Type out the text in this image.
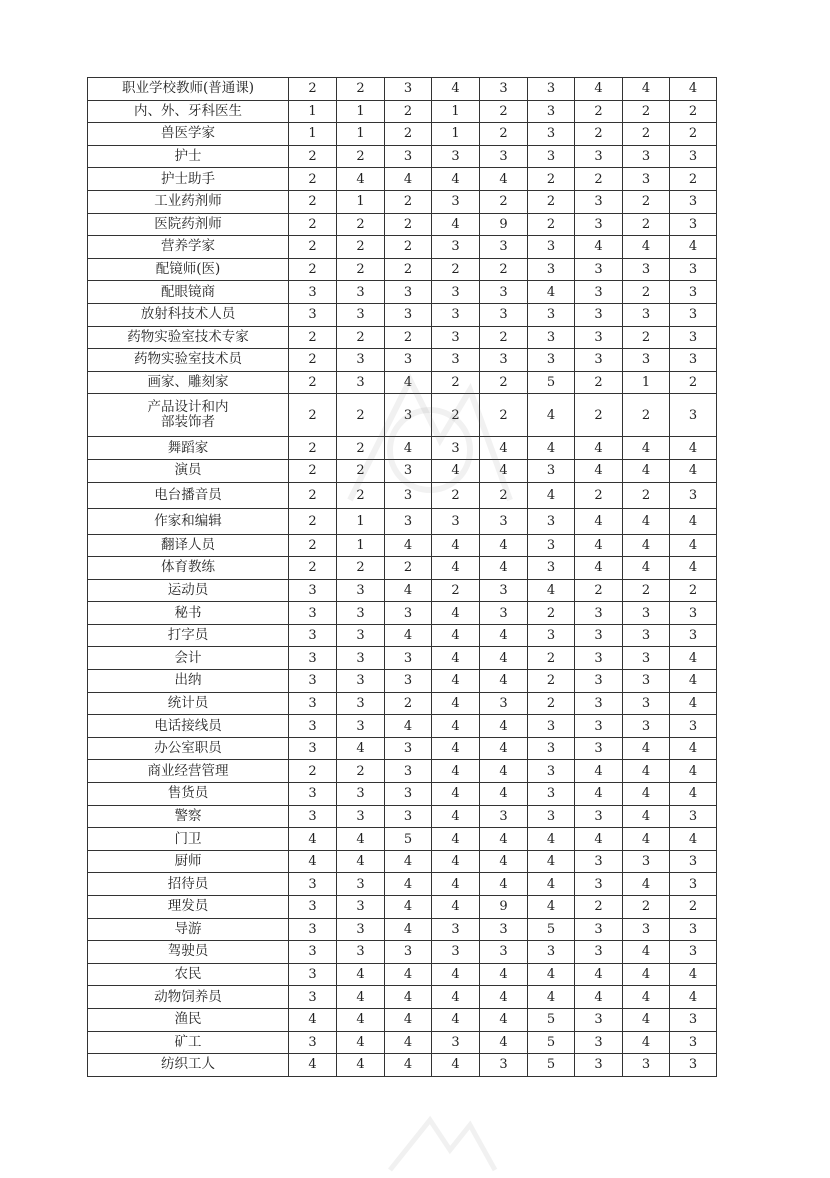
职业学校教师(普通课)	2	2	3	4	3	3	4	4	4
内、外、牙科医生	1	1	2	1	2	3	2	2	2
兽医学家	1	1	2	1	2	3	2	2	2
护士	2	2	3	3	3	3	3	3	3
护士助手	2	4	4	4	4	2	2	3	2
工业药剂师	2	1	2	3	2	2	3	2	3
医院药剂师	2	2	2	4	9	2	3	2	3
营养学家	2	2	2	3	3	3	4	4	4
配镜师(医)	2	2	2	2	2	3	3	3	3
配眼镜商	3	3	3	3	3	4	3	2	3
放射科技术人员	3	3	3	3	3	3	3	3	3
药物实验室技术专家	2	2	2	3	2	3	3	2	3
药物实验室技术员	2	3	3	3	3	3	3	3	3
画家、雕刻家	2	3	4	2	2	5	2	1	2
产品设计和内
部装饰者	2	2	3	2	2	4	2	2	3
舞蹈家	2	2	4	3	4	4	4	4	4
演员	2	2	3	4	4	3	4	4	4
电台播音员	2	2	3	2	2	4	2	2	3
作家和编辑	2	1	3	3	3	3	4	4	4
翻译人员	2	1	4	4	4	3	4	4	4
体育教练	2	2	2	4	4	3	4	4	4
运动员	3	3	4	2	3	4	2	2	2
秘书	3	3	3	4	3	2	3	3	3
打字员	3	3	4	4	4	3	3	3	3
会计	3	3	3	4	4	2	3	3	4
出纳	3	3	3	4	4	2	3	3	4
统计员	3	3	2	4	3	2	3	3	4
电话接线员	3	3	4	4	4	3	3	3	3
办公室职员	3	4	3	4	4	3	3	4	4
商业经营管理	2	2	3	4	4	3	4	4	4
售货员	3	3	3	4	4	3	4	4	4
警察	3	3	3	4	3	3	3	4	3
门卫	4	4	5	4	4	4	4	4	4
厨师	4	4	4	4	4	4	3	3	3
招待员	3	3	4	4	4	4	3	4	3
理发员	3	3	4	4	9	4	2	2	2
导游	3	3	4	3	3	5	3	3	3
驾驶员	3	3	3	3	3	3	3	4	3
农民	3	4	4	4	4	4	4	4	4
动物饲养员	3	4	4	4	4	4	4	4	4
渔民	4	4	4	4	4	5	3	4	3
矿工	3	4	4	3	4	5	3	4	3
纺织工人	4	4	4	4	3	5	3	3	3
